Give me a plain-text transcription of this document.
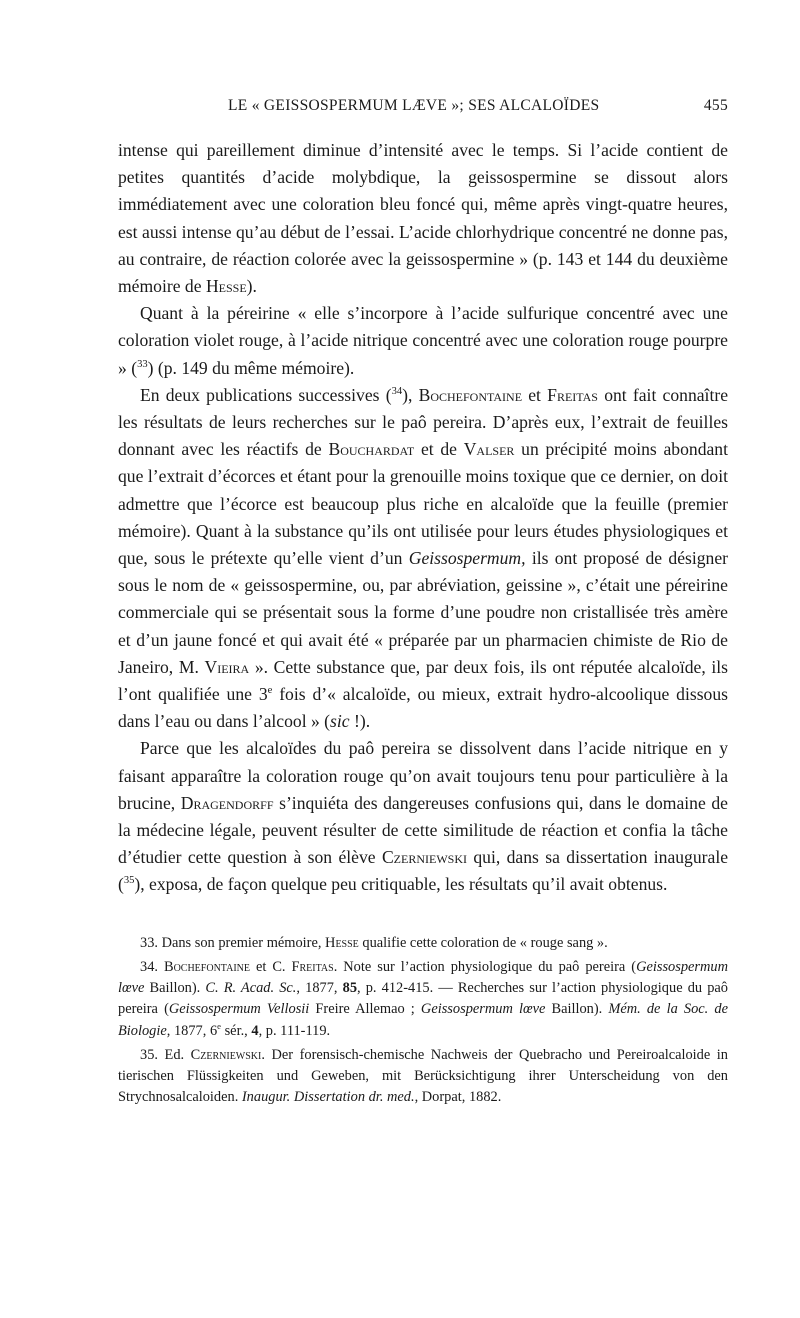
LE « GEISSOSPERMUM LÆVE »; SES ALCALOÏDES	455

intense qui pareillement diminue d’intensité avec le temps. Si l’acide contient de petites quantités d’acide molybdique, la geissospermine se dissout alors immédiatement avec une coloration bleu foncé qui, même après vingt-quatre heures, est aussi intense qu’au début de l’essai. L’acide chlorhydrique concentré ne donne pas, au contraire, de réaction colorée avec la geissospermine » (p. 143 et 144 du deuxième mémoire de Hesse).

Quant à la péreirine « elle s’incorpore à l’acide sulfurique concentré avec une coloration violet rouge, à l’acide nitrique concentré avec une coloration rouge pourpre » ($^{33}$) (p. 149 du même mémoire).

En deux publications successives ($^{34}$), Bochefontaine et Freitas ont fait connaître les résultats de leurs recherches sur le paô pereira. D’après eux, l’extrait de feuilles donnant avec les réactifs de Bouchardat et de Valser un précipité moins abondant que l’extrait d’écorces et étant pour la grenouille moins toxique que ce dernier, on doit admettre que l’écorce est beaucoup plus riche en alcaloïde que la feuille (premier mémoire). Quant à la substance qu’ils ont utilisée pour leurs études physiologiques et que, sous le prétexte qu’elle vient d’un Geissospermum, ils ont proposé de désigner sous le nom de « geissospermine, ou, par abréviation, geissine », c’était une péreirine commerciale qui se présentait sous la forme d’une poudre non cristallisée très amère et d’un jaune foncé et qui avait été « préparée par un pharmacien chimiste de Rio de Janeiro, M. Vieira ». Cette substance que, par deux fois, ils ont réputée alcaloïde, ils l’ont qualifiée une 3e fois d’« alcaloïde, ou mieux, extrait hydro-alcoolique dissous dans l’eau ou dans l’alcool » (sic !).

Parce que les alcaloïdes du paô pereira se dissolvent dans l’acide nitrique en y faisant apparaître la coloration rouge qu’on avait toujours tenu pour particulière à la brucine, Dragendorff s’inquiéta des dangereuses confusions qui, dans le domaine de la médecine légale, peuvent résulter de cette similitude de réaction et confia la tâche d’étudier cette question à son élève Czerniewski qui, dans sa dissertation inaugurale ($^{35}$), exposa, de façon quelque peu critiquable, les résultats qu’il avait obtenus.

33. Dans son premier mémoire, Hesse qualifie cette coloration de « rouge sang ».

34. Bochefontaine et C. Freitas. Note sur l’action physiologique du paô pereira (Geissospermum lœve Baillon). C. R. Acad. Sc., 1877, 85, p. 412-415. — Recherches sur l’action physiologique du paô pereira (Geissospermum Vellosii Freire Allemao ; Geissospermum lœve Baillon). Mém. de la Soc. de Biologie, 1877, 6e sér., 4, p. 111-119.

35. Ed. Czerniewski. Der forensisch-chemische Nachweis der Quebracho und Pereiroalcaloide in tierischen Flüssigkeiten und Geweben, mit Berücksichtigung ihrer Unterscheidung von den Strychnosalcaloiden. Inaugur. Dissertation dr. med., Dorpat, 1882.
